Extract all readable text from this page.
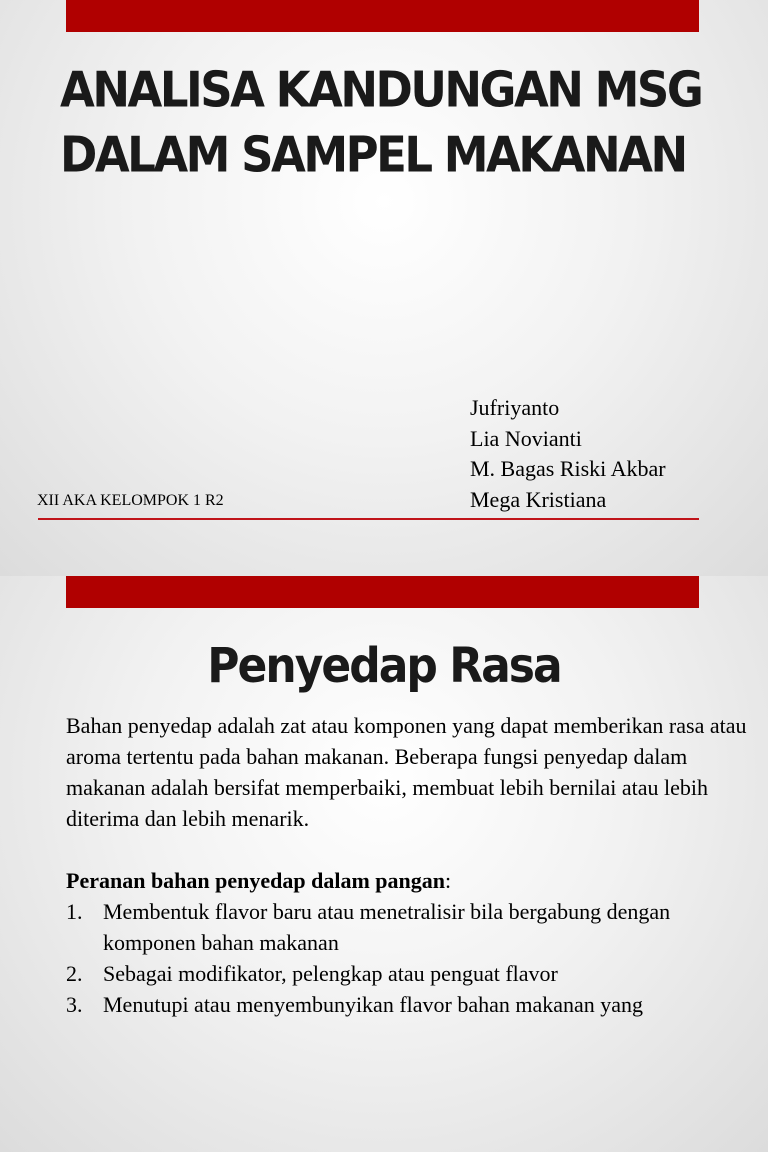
ANALISA KANDUNGAN MSG
DALAM SAMPEL MAKANAN
Jufriyanto
Lia Novianti
M. Bagas Riski Akbar
Mega Kristiana
XII AKA KELOMPOK 1 R2
Penyedap Rasa

Bahan penyedap adalah zat atau komponen yang dapat memberikan rasa atau aroma tertentu pada bahan makanan. Beberapa fungsi penyedap dalam makanan adalah bersifat memperbaiki, membuat lebih bernilai atau lebih diterima dan lebih menarik.

Peranan bahan penyedap dalam pangan:

1. Membentuk flavor baru atau menetralisir bila bergabung dengan komponen bahan makanan
2. Sebagai modifikator, pelengkap atau penguat flavor
3. Menutupi atau menyembunyikan flavor bahan makanan yang
